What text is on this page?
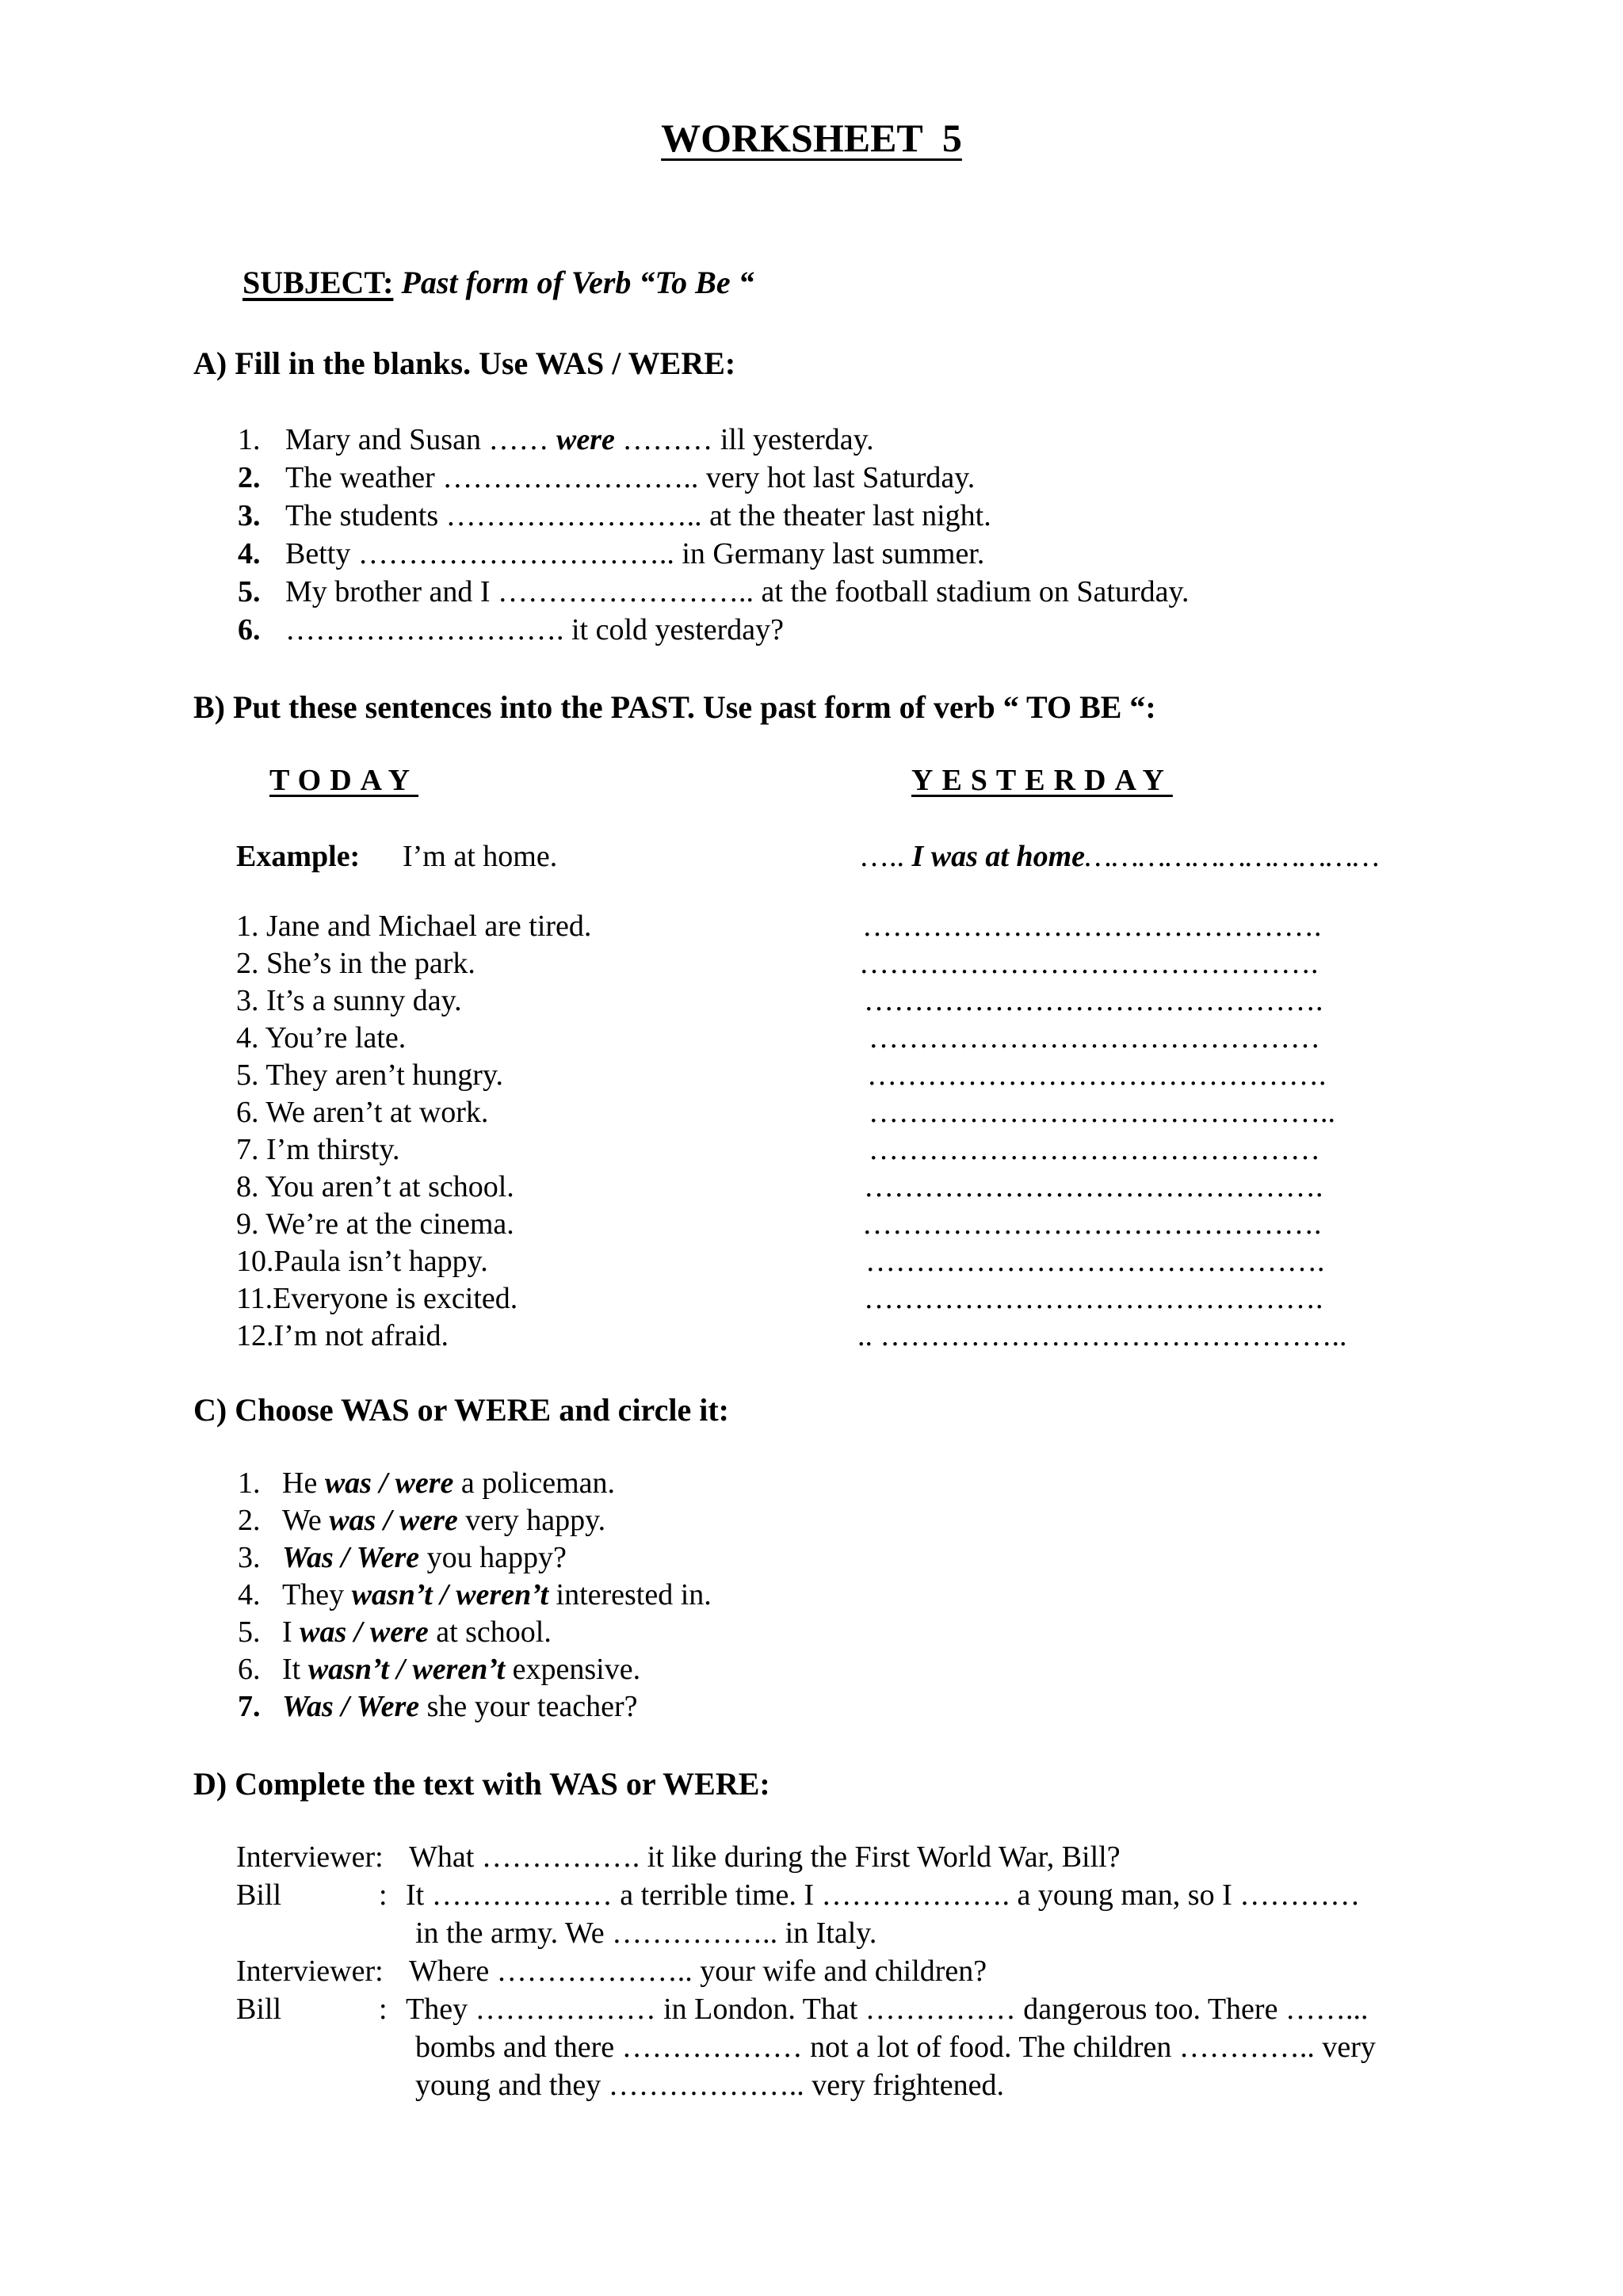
WORKSHEET  5
SUBJECT: Past form of Verb “To Be “
A) Fill in the blanks. Use WAS / WERE:
1. Mary and Susan …… were ……… ill yesterday.
2. The weather …………………….. very hot last Saturday.
3. The students …………………….. at the theater last night.
4. Betty ………………………….. in Germany last summer.
5. My brother and I …………………….. at the football stadium on Saturday.
6. ………………………. it cold yesterday?
B) Put these sentences into the PAST. Use past form of verb “ TO BE “:
TODAY	YESTERDAY
Example: I’m at home.	….. I was at home……………………………
1. Jane and Michael are tired.	……………………………………….
2. She’s in the park.	……………………………………….
3. It’s a sunny day.	……………………………………….
4. You’re late.	………………………………………
5. They aren’t hungry.	……………………………………….
6. We aren’t at work.	………………………………………..
7. I’m thirsty.	………………………………………
8. You aren’t at school.	……………………………………….
9. We’re at the cinema.	……………………………………….
10.Paula isn’t happy.	……………………………………….
11.Everyone is excited.	……………………………………….
12.I’m not afraid.	.. ………………………………………..
C) Choose WAS or WERE and circle it:
1. He was / were a policeman.
2. We was / were very happy.
3. Was / Were you happy?
4. They wasn’t / weren’t interested in.
5. I was / were at school.
6. It wasn’t / weren’t expensive.
7. Was / Were she your teacher?
D) Complete the text with WAS or WERE:
Interviewer: What ……………. it like during the First World War, Bill?
Bill	: It ……………… a terrible time. I ………………. a young man, so I …………
in the army. We …………….. in Italy.
Interviewer: Where ……………….. your wife and children?
Bill	: They ……………… in London. That …………… dangerous too. There ……...
bombs and there ……………… not a lot of food. The children ………….. very
young and they ……………….. very frightened.
